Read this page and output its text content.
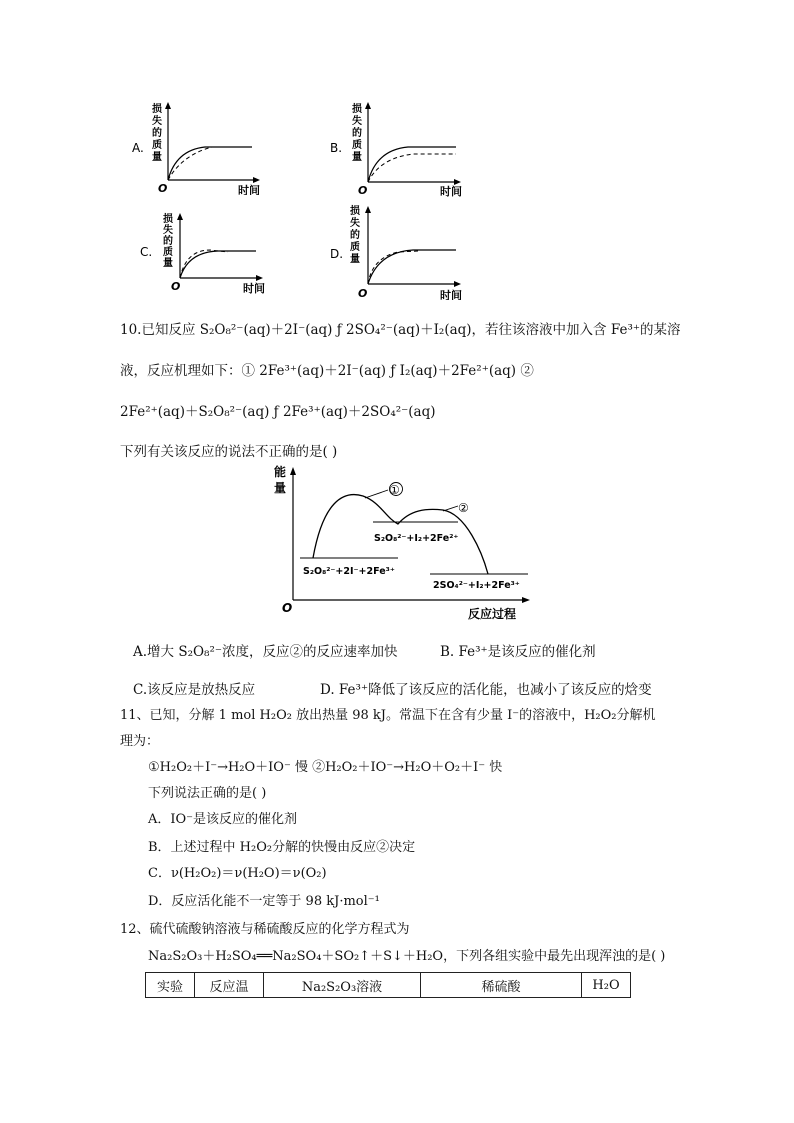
A.
损
失
的
质
量
O	时间
B.
损
失
的
质
量
O	时间
C.
损
失
的
质
量
O	时间
D.
损
失
的
质
量
O	时间
10.已知反应 S₂O₈²⁻(aq)＋2I⁻(aq) ƒ 2SO₄²⁻(aq)＋I₂(aq)，若往该溶液中加入含 Fe³⁺的某溶
液，反应机理如下：① 2Fe³⁺(aq)＋2I⁻(aq) ƒ I₂(aq)＋2Fe²⁺(aq) ②
2Fe²⁺(aq)＋S₂O₈²⁻(aq) ƒ 2Fe³⁺(aq)＋2SO₄²⁻(aq)
下列有关该反应的说法不正确的是( )
能
量
O	反应过程
①
②
S₂O₈²⁻+2I⁻+2Fe³⁺
S₂O₈²⁻+I₂+2Fe²⁺
2SO₄²⁻+I₂+2Fe³⁺
A.增大 S₂O₈²⁻浓度，反应②的反应速率加快	B. Fe³⁺是该反应的催化剂
C.该反应是放热反应	D. Fe³⁺降低了该反应的活化能，也减小了该反应的焓变
11、已知，分解 1 mol H₂O₂ 放出热量 98 kJ。常温下在含有少量 I⁻的溶液中，H₂O₂分解机
理为：
①H₂O₂＋I⁻→H₂O＋IO⁻ 慢 ②H₂O₂＋IO⁻→H₂O＋O₂＋I⁻ 快
下列说法正确的是( )
A．IO⁻是该反应的催化剂
B．上述过程中 H₂O₂分解的快慢由反应②决定
C．ν(H₂O₂)＝ν(H₂O)＝ν(O₂)
D．反应活化能不一定等于 98 kJ·mol⁻¹
12、硫代硫酸钠溶液与稀硫酸反应的化学方程式为
Na₂S₂O₃＋H₂SO₄══Na₂SO₄＋SO₂↑＋S↓＋H₂O，下列各组实验中最先出现浑浊的是( )
实验	反应温	Na₂S₂O₃溶液	稀硫酸	H₂O
